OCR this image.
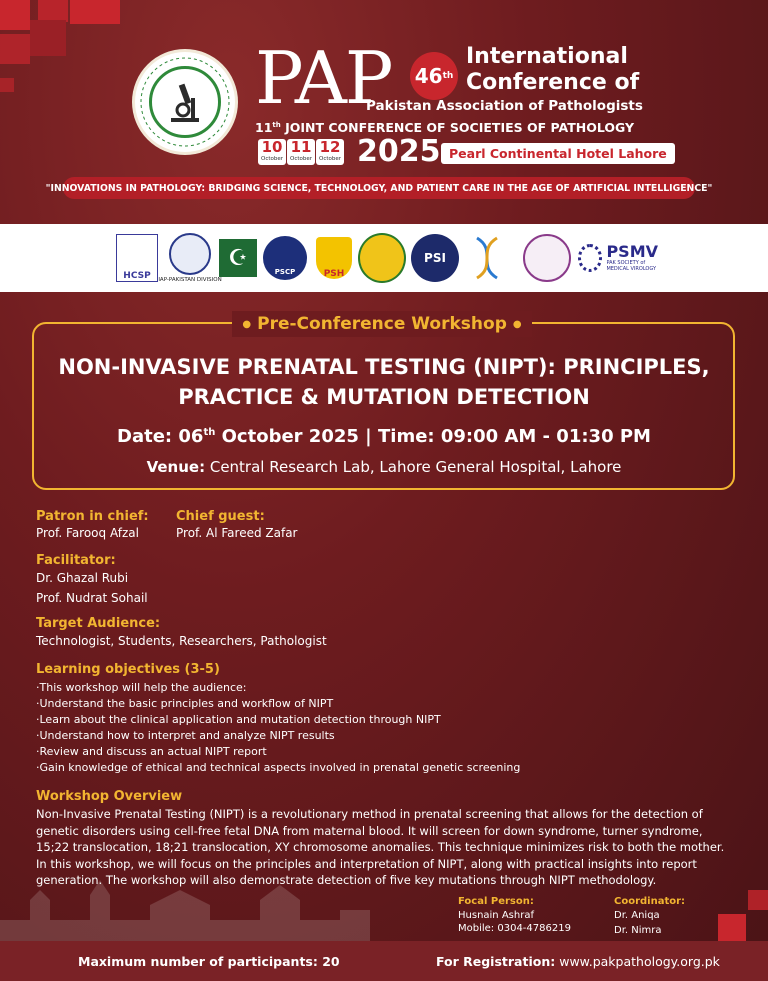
PAP 46 th
International
Conference of
Pakistan Association of Pathologists
11th JOINT CONFERENCE OF SOCIETIES OF PATHOLOGY
10
October
11
October
12
October 2025 Pearl Continental Hotel Lahore
"INNOVATIONS IN PATHOLOGY: BRIDGING SCIENCE, TECHNOLOGY, AND PATIENT CARE IN THE AGE OF ARTIFICIAL INTELLIGENCE"
HCSP	IAP-PAKISTAN DIVISION
☪
PSCP	PSH
PSI	PSMV
PAK SOCIETY of
MEDICAL VIROLOGY
● Pre-Conference Workshop ●
NON-INVASIVE PRENATAL TESTING (NIPT): PRINCIPLES,
PRACTICE & MUTATION DETECTION
Date: 06th October 2025 | Time: 09:00 AM - 01:30 PM
Venue: Central Research Lab, Lahore General Hospital, Lahore
Patron in chief:
Prof. Farooq Afzal
Chief guest:
Prof. Al Fareed Zafar
Facilitator:
Dr. Ghazal Rubi
Prof. Nudrat Sohail
Target Audience:
Technologist, Students, Researchers, Pathologist
Learning objectives (3-5)
·This workshop will help the audience:
·Understand the basic principles and workflow of NIPT
·Learn about the clinical application and mutation detection through NIPT
·Understand how to interpret and analyze NIPT results
·Review and discuss an actual NIPT report
·Gain knowledge of ethical and technical aspects involved in prenatal genetic screening
Workshop Overview
Non-Invasive Prenatal Testing (NIPT) is a revolutionary method in prenatal screening that allows for the detection of
genetic disorders using cell-free fetal DNA from maternal blood. It will screen for down syndrome, turner syndrome,
15;22 translocation, 18;21 translocation, XY chromosome anomalies. This technique minimizes risk to both the mother.
In this workshop, we will focus on the principles and interpretation of NIPT, along with practical insights into report
generation. The workshop will also demonstrate detection of five key mutations through NIPT methodology.
Focal Person:
Husnain Ashraf
Mobile: 0304-4786219
Coordinator:
Dr. Aniqa
Dr. Nimra
Maximum number of participants: 20	For Registration: www.pakpathology.org.pk
